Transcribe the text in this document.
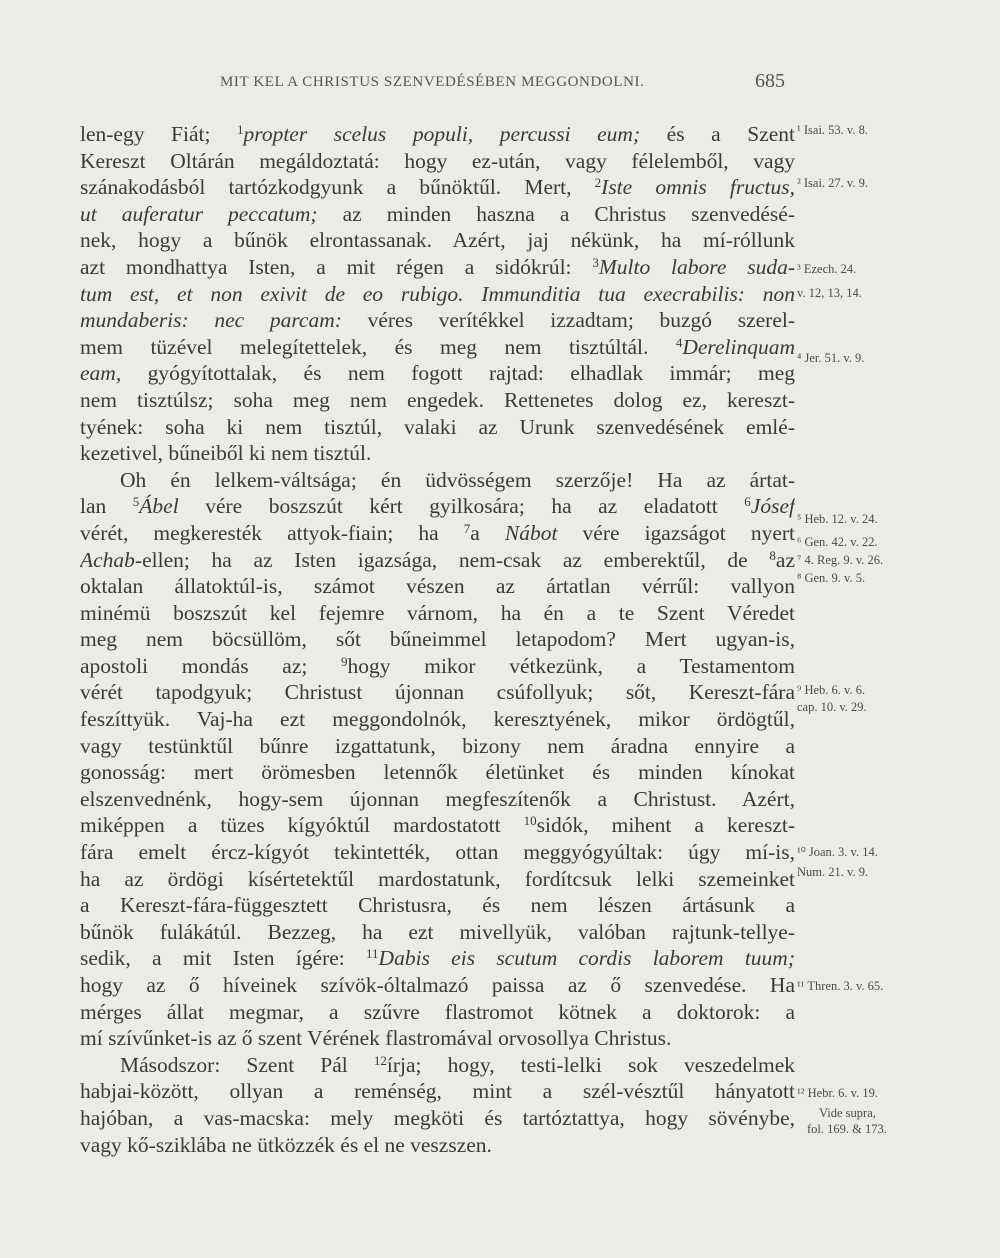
MIT KEL A CHRISTUS SZENVEDÉSÉBEN MEGGONDOLNI.	685
len-egy Fiát; $^1$propter scelus populi, percussi eum; és a Szent
Kereszt Oltárán megáldoztatá: hogy ez-után, vagy félelemből, vagy
szánakodásból tartózkodgyunk a bűnöktűl. Mert, $^2$Iste omnis fructus,
ut auferatur peccatum; az minden haszna a Christus szenvedésé-
nek, hogy a bűnök elrontassanak. Azért, jaj nékünk, ha mí-róllunk
azt mondhattya Isten, a mit régen a sidókrúl: $^3$Multo labore suda-
tum est, et non exivit de eo rubigo. Immunditia tua execrabilis: non
mundaberis: nec parcam: véres verítékkel izzadtam; buzgó szerel-
mem tüzével melegítettelek, és meg nem tisztúltál. $^4$Derelinquam
eam, gyógyítottalak, és nem fogott rajtad: elhadlak immár; meg
nem tisztúlsz; soha meg nem engedek. Rettenetes dolog ez, kereszt-
tyének: soha ki nem tisztúl, valaki az Urunk szenvedésének emlé-
kezetivel, bűneiből ki nem tisztúl.
Oh én lelkem-váltsága; én üdvösségem szerzője! Ha az ártat-
lan $^5$Ábel vére boszszút kért gyilkosára; ha az eladatott $^6$Jósef
vérét, megkeresték attyok-fiain; ha $^7$a Nábot vére igazságot nyert
Achab-ellen; ha az Isten igazsága, nem-csak az emberektűl, de $^8$az
oktalan állatoktúl-is, számot vészen az ártatlan vérrűl: vallyon
minémü boszszút kel fejemre várnom, ha én a te Szent Véredet
meg nem böcsüllöm, sőt bűneimmel letapodom? Mert ugyan-is,
apostoli mondás az; $^9$hogy mikor vétkezünk, a Testamentom
vérét tapodgyuk; Christust újonnan csúfollyuk; sőt, Kereszt-fára
feszíttyük. Vaj-ha ezt meggondolnók, keresztyének, mikor ördögtűl,
vagy testünktűl bűnre izgattatunk, bizony nem áradna ennyire a
gonosság: mert örömesben letennők életünket és minden kínokat
elszenvednénk, hogy-sem újonnan megfeszítenők a Christust. Azért,
miképpen a tüzes kígyóktúl mardostatott $^{10}$sidók, mihent a kereszt-
fára emelt ércz-kígyót tekintették, ottan meggyógyúltak: úgy mí-is,
ha az ördögi kísértetektűl mardostatunk, fordítcsuk lelki szemeinket
a Kereszt-fára-függesztett Christusra, és nem lészen ártásunk a
bűnök fulákátúl. Bezzeg, ha ezt mivellyük, valóban rajtunk-tellye-
sedik, a mit Isten ígére: $^{11}$Dabis eis scutum cordis laborem tuum;
hogy az ő híveinek szívök-óltalmazó paissa az ő szenvedése. Ha
mérges állat megmar, a szűvre flastromot kötnek a doktorok: a
mí szívűnket-is az ő szent Vérének flastromával orvosollya Christus.
Másodszor: Szent Pál $^{12}$írja; hogy, testi-lelki sok veszedelmek
habjai-között, ollyan a reménség, mint a szél-vésztűl hányatott
hajóban, a vas-macska: mely megköti és tartóztattya, hogy sövénybe,
vagy kő-sziklába ne ütközzék és el ne veszszen.
¹ Isai. 53. v. 8.
² Isai. 27. v. 9.
³ Ezech. 24.
v. 12, 13, 14.
⁴ Jer. 51. v. 9.
⁵ Heb. 12. v. 24.
⁶ Gen. 42. v. 22.
⁷ 4. Reg. 9. v. 26.
⁸ Gen. 9. v. 5.
⁹ Heb. 6. v. 6.
cap. 10. v. 29.
¹⁰ Joan. 3. v. 14.
Num. 21. v. 9.
¹¹ Thren. 3. v. 65.
¹² Hebr. 6. v. 19.
Vide supra,
fol. 169. & 173.
